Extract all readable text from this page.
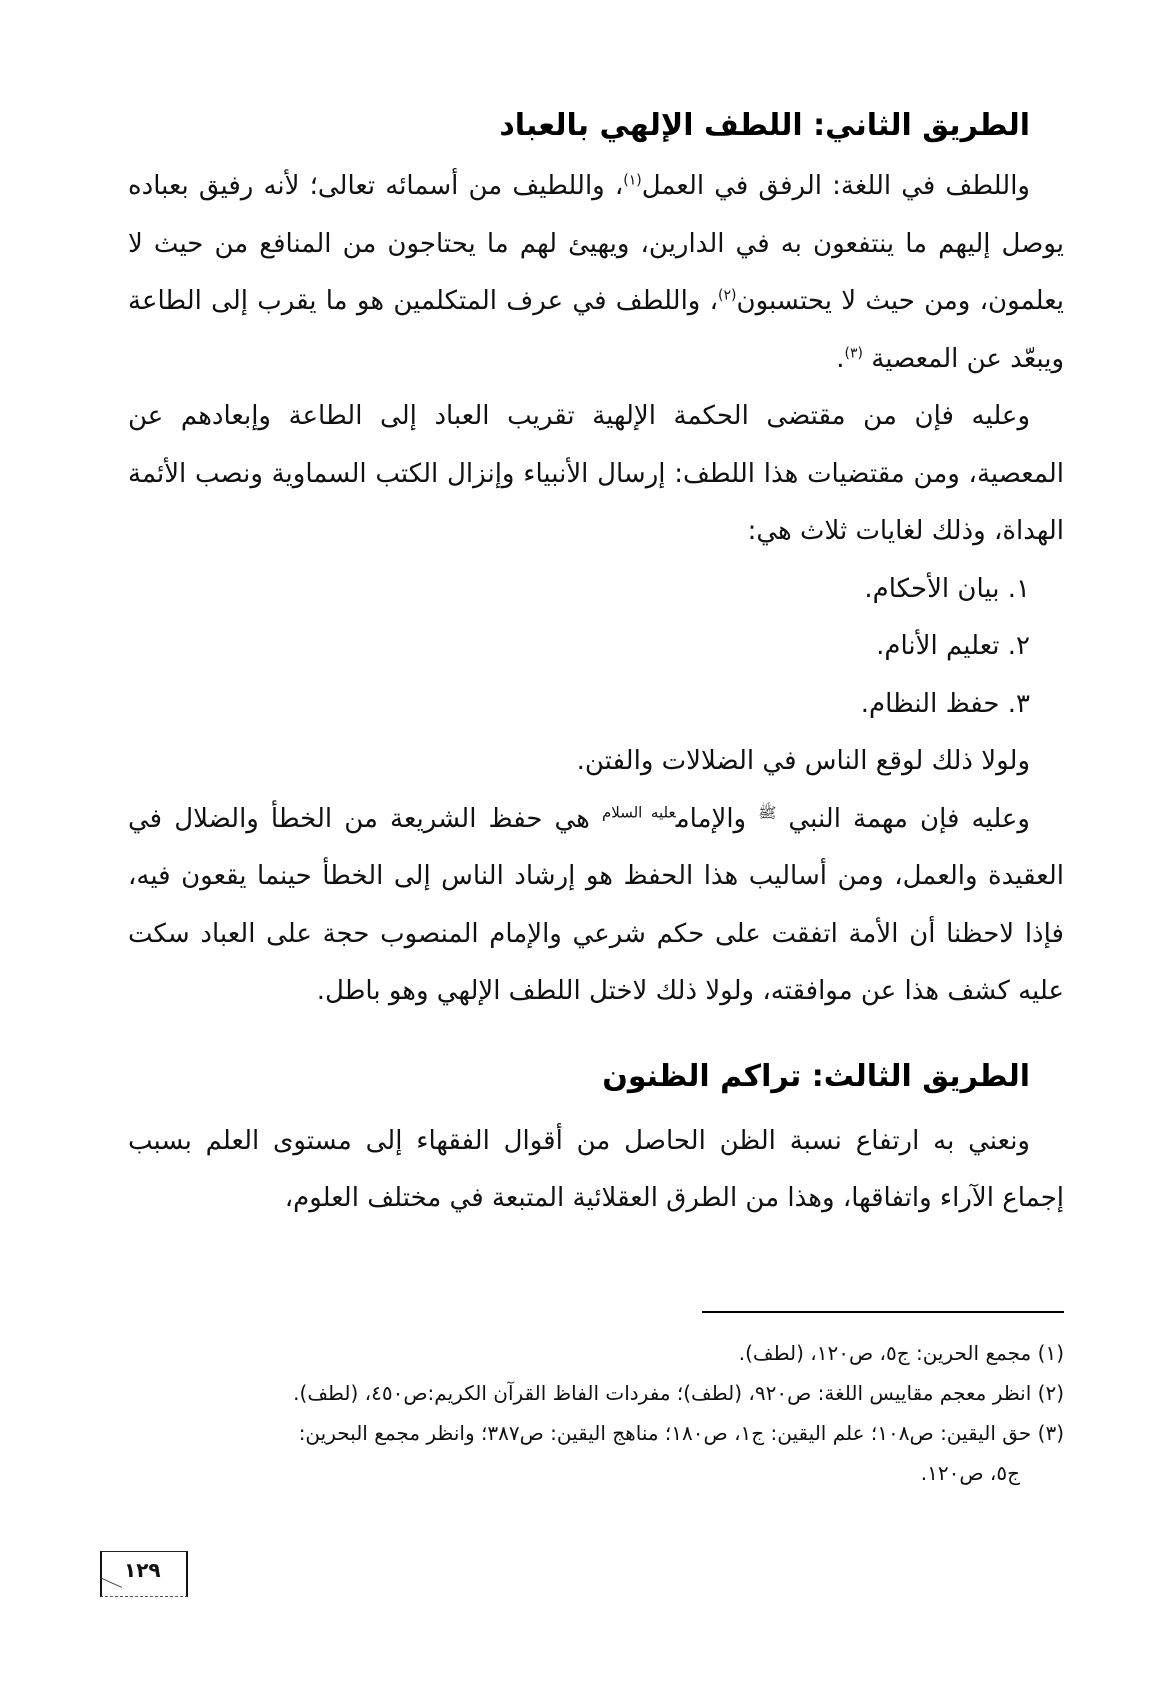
الطريق الثاني: اللطف الإلهي بالعباد

واللطف في اللغة: الرفق في العمل$^{(١)}$، واللطيف من أسمائه تعالى؛ لأنه رفيق بعباده يوصل إليهم ما ينتفعون به في الدارين، ويهيئ لهم ما يحتاجون من المنافع من حيث لا يعلمون، ومن حيث لا يحتسبون$^{(٢)}$، واللطف في عرف المتكلمين هو ما يقرب إلى الطاعة ويبعّد عن المعصية $^{(٣)}$.

وعليه فإن من مقتضى الحكمة الإلهية تقريب العباد إلى الطاعة وإبعادهم عن المعصية، ومن مقتضيات هذا اللطف: إرسال الأنبياء وإنزال الكتب السماوية ونصب الأئمة الهداة، وذلك لغايات ثلاث هي:

١. بيان الأحكام.

٢. تعليم الأنام.

٣. حفظ النظام.

ولولا ذلك لوقع الناس في الضلالات والفتن.

وعليه فإن مهمة النبي $^ﷺ$ والإمام$^{عليه السلام}$ هي حفظ الشريعة من الخطأ والضلال في العقيدة والعمل، ومن أساليب هذا الحفظ هو إرشاد الناس إلى الخطأ حينما يقعون فيه، فإذا لاحظنا أن الأمة اتفقت على حكم شرعي والإمام المنصوب حجة على العباد سكت عليه كشف هذا عن موافقته، ولولا ذلك لاختل اللطف الإلهي وهو باطل.

الطريق الثالث: تراكم الظنون

ونعني به ارتفاع نسبة الظن الحاصل من أقوال الفقهاء إلى مستوى العلم بسبب إجماع الآراء واتفاقها، وهذا من الطرق العقلائية المتبعة في مختلف العلوم،

(١) مجمع الحرين: ج٥، ص١٢٠، (لطف).

(٢) انظر معجم مقاييس اللغة: ص٩٢٠، (لطف)؛ مفردات الفاظ القرآن الكريم:ص٤٥٠، (لطف).

(٣) حق اليقين: ص١٠٨؛ علم اليقين: ج١، ص١٨٠؛ مناهج اليقين: ص٣٨٧؛ وانظر مجمع البحرين:

ج٥، ص١٢٠.

١٢٩
